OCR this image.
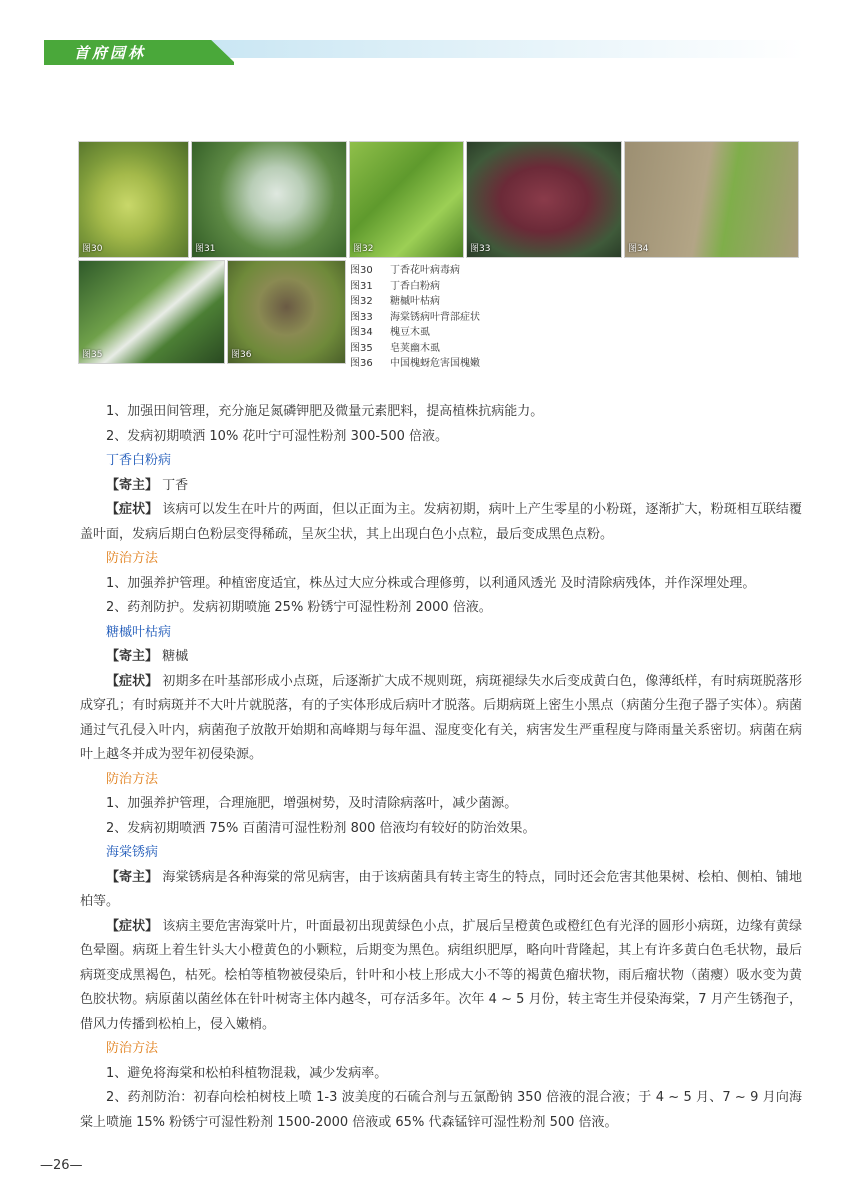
首府园林
图30	图31	图32	图33	图34
图35	图36
图30 丁香花叶病毒病
图31 丁香白粉病
图32 糖槭叶枯病
图33 海棠锈病叶背部症状
图34 槐豆木虱
图35 皂荚幽木虱
图36 中国槐蚜危害国槐嫩

1、加强田间管理，充分施足氮磷钾肥及微量元素肥料，提高植株抗病能力。

2、发病初期喷洒 10% 花叶宁可湿性粉剂 300-500 倍液。

丁香白粉病

【寄主】 丁香

【症状】 该病可以发生在叶片的两面，但以正面为主。发病初期，病叶上产生零星的小粉斑，逐渐扩大，粉斑相互联结覆盖叶面，发病后期白色粉层变得稀疏，呈灰尘状，其上出现白色小点粒，最后变成黑色点粉。

防治方法

1、加强养护管理。种植密度适宜，株丛过大应分株或合理修剪，以利通风透光 及时清除病残体，并作深埋处理。

2、药剂防护。发病初期喷施 25% 粉锈宁可湿性粉剂 2000 倍液。

糖槭叶枯病

【寄主】 糖槭

【症状】 初期多在叶基部形成小点斑，后逐渐扩大成不规则斑，病斑褪绿失水后变成黄白色，像薄纸样，有时病斑脱落形成穿孔；有时病斑并不大叶片就脱落，有的子实体形成后病叶才脱落。后期病斑上密生小黑点（病菌分生孢子器子实体）。病菌通过气孔侵入叶内，病菌孢子放散开始期和高峰期与每年温、湿度变化有关，病害发生严重程度与降雨量关系密切。病菌在病叶上越冬并成为翌年初侵染源。

防治方法

1、加强养护管理，合理施肥，增强树势，及时清除病落叶，减少菌源。

2、发病初期喷洒 75% 百菌清可湿性粉剂 800 倍液均有较好的防治效果。

海棠锈病

【寄主】 海棠锈病是各种海棠的常见病害，由于该病菌具有转主寄生的特点，同时还会危害其他果树、桧柏、侧柏、铺地柏等。

【症状】 该病主要危害海棠叶片，叶面最初出现黄绿色小点，扩展后呈橙黄色或橙红色有光泽的圆形小病斑，边缘有黄绿色晕圈。病斑上着生针头大小橙黄色的小颗粒，后期变为黑色。病组织肥厚，略向叶背隆起，其上有许多黄白色毛状物，最后病斑变成黑褐色，枯死。桧柏等植物被侵染后，针叶和小枝上形成大小不等的褐黄色瘤状物，雨后瘤状物（菌瘿）吸水变为黄色胶状物。病原菌以菌丝体在针叶树寄主体内越冬，可存活多年。次年 4 ~ 5 月份，转主寄生并侵染海棠，7 月产生锈孢子，借风力传播到松柏上，侵入嫩梢。

防治方法

1、避免将海棠和松柏科植物混栽，减少发病率。

2、药剂防治：初春向桧柏树枝上喷 1-3 波美度的石硫合剂与五氯酚钠 350 倍液的混合液；于 4 ~ 5 月、7 ~ 9 月向海棠上喷施 15% 粉锈宁可湿性粉剂 1500-2000 倍液或 65% 代森锰锌可湿性粉剂 500 倍液。

—26—
